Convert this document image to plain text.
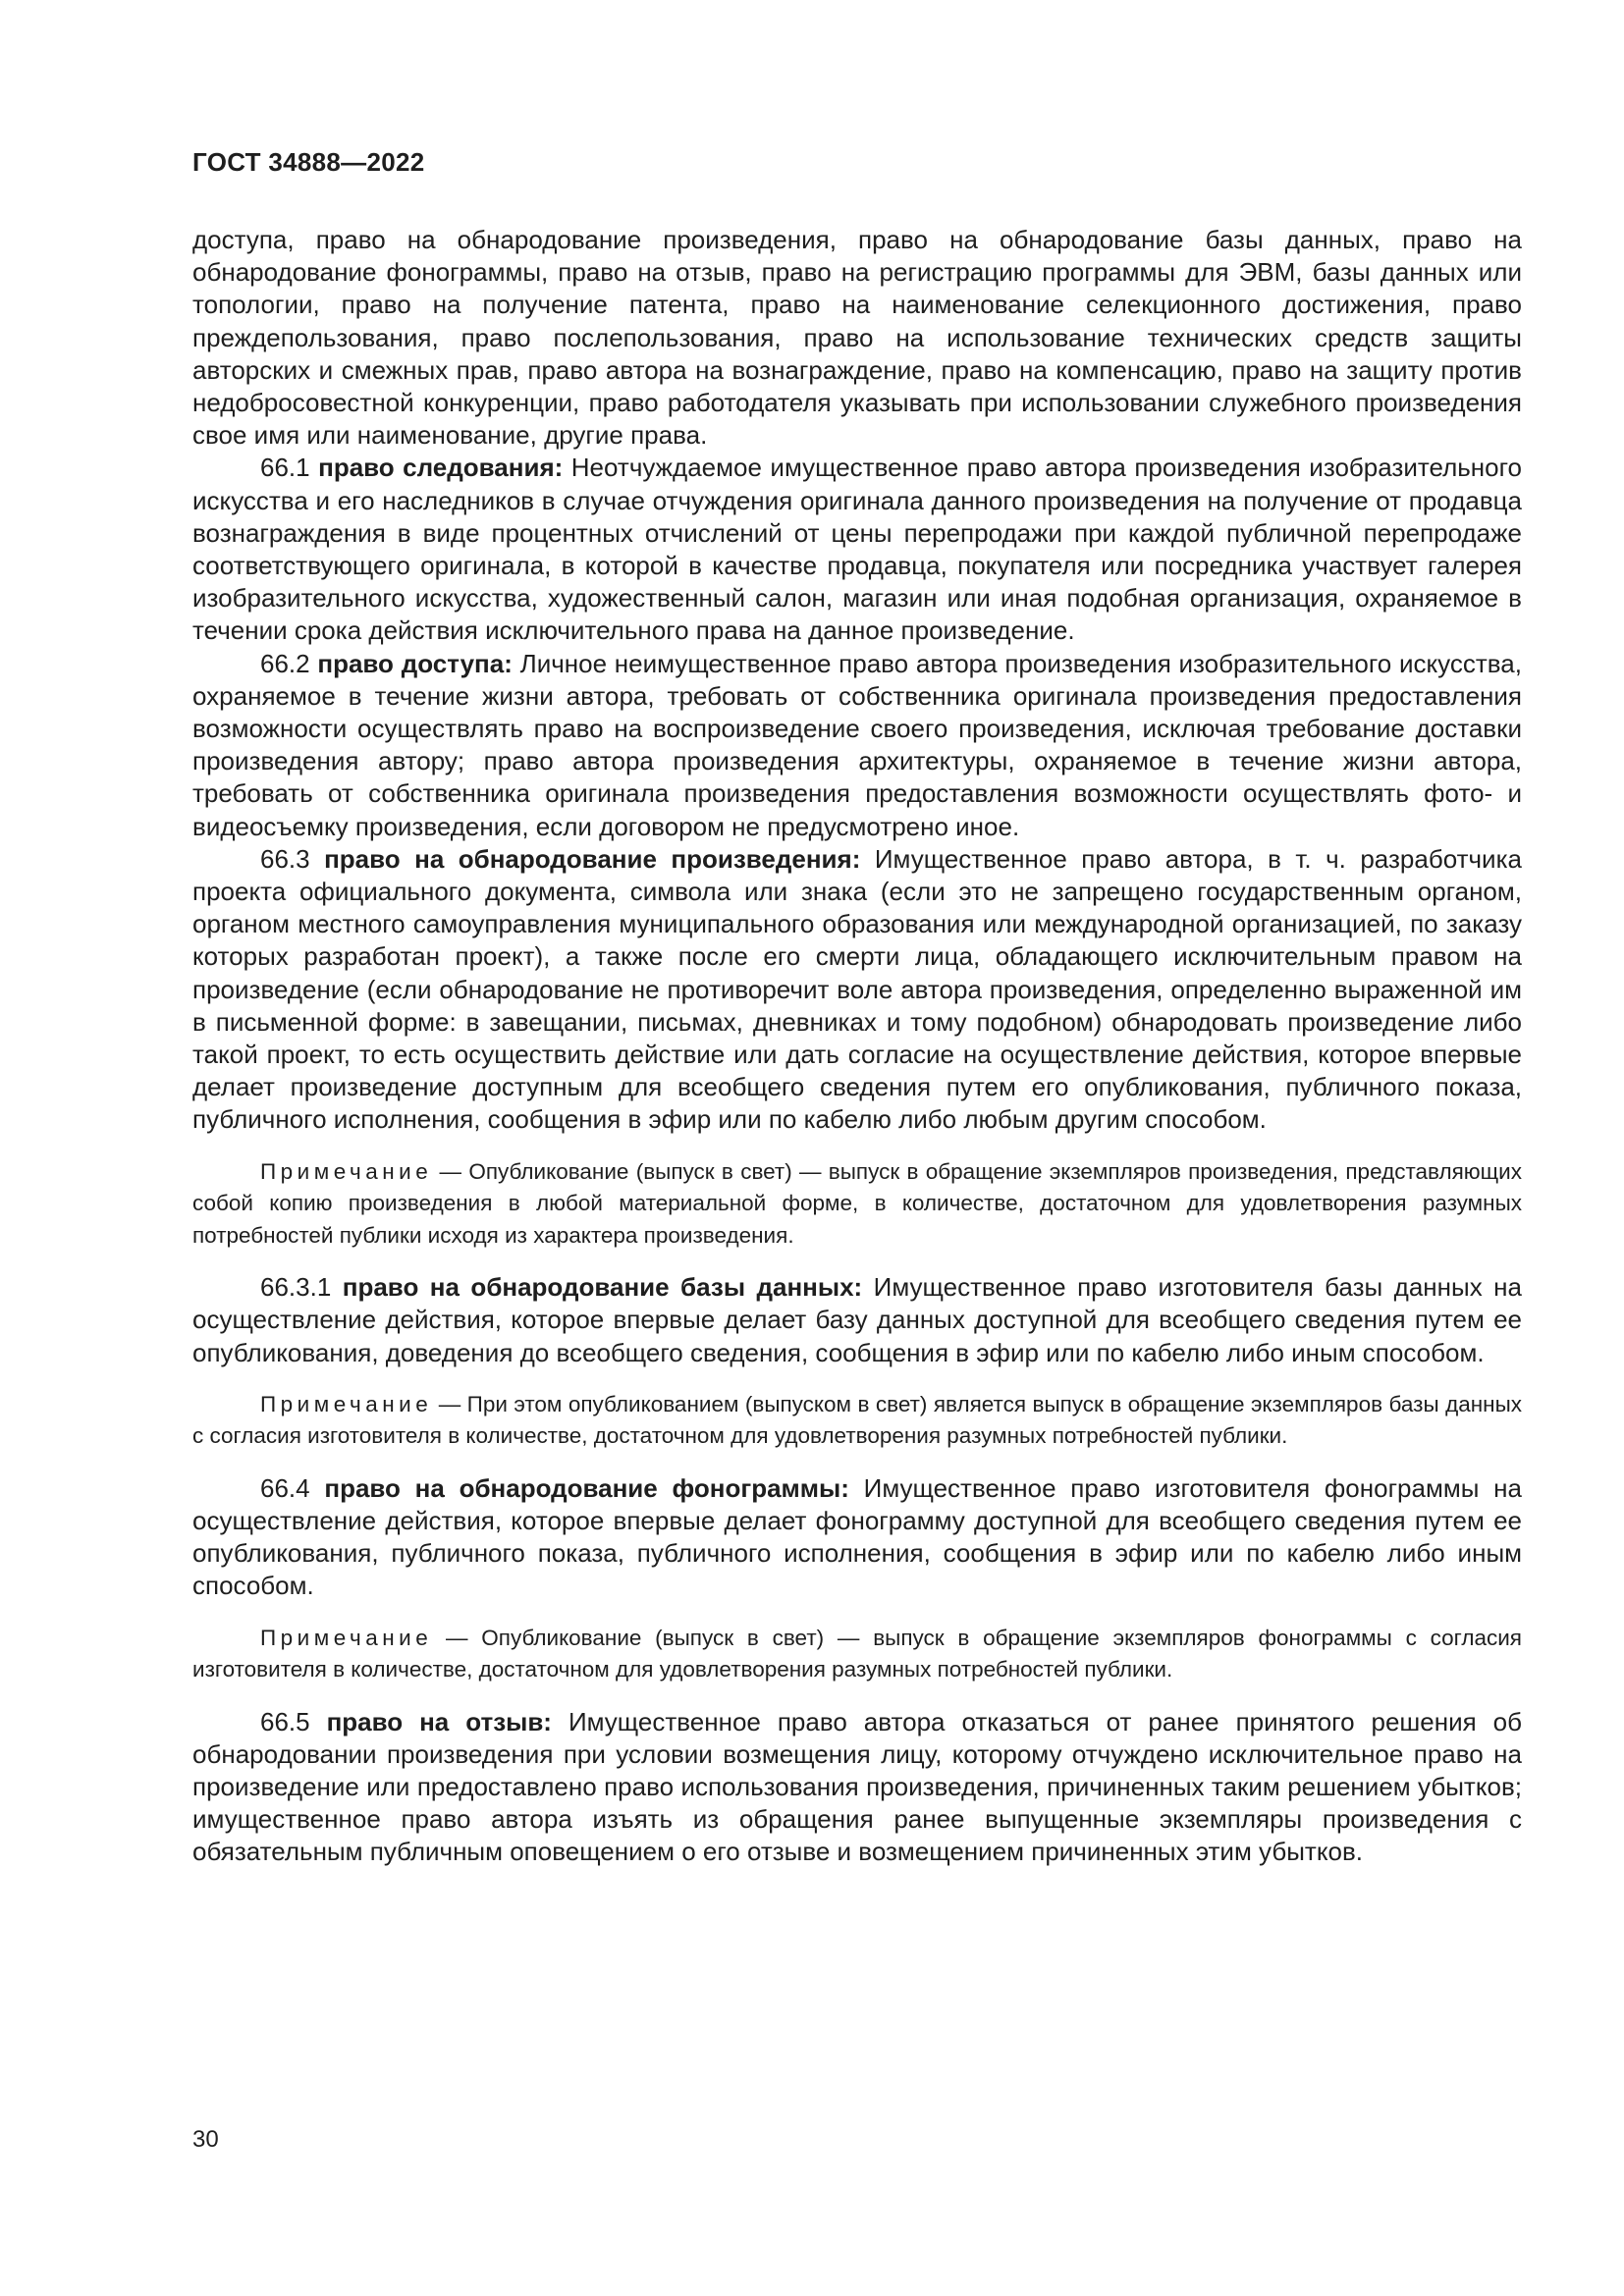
ГОСТ 34888—2022

доступа, право на обнародование произведения, право на обнародование базы данных, право на обнародование фонограммы, право на отзыв, право на регистрацию программы для ЭВМ, базы данных или топологии, право на получение патента, право на наименование селекционного достижения, право преждепользования, право послепользования, право на использование технических средств защиты авторских и смежных прав, право автора на вознаграждение, право на компенсацию, право на защиту против недобросовестной конкуренции, право работодателя указывать при использовании служебного произведения свое имя или наименование, другие права.

66.1 право следования: Неотчуждаемое имущественное право автора произведения изобразительного искусства и его наследников в случае отчуждения оригинала данного произведения на получение от продавца вознаграждения в виде процентных отчислений от цены перепродажи при каждой публичной перепродаже соответствующего оригинала, в которой в качестве продавца, покупателя или посредника участвует галерея изобразительного искусства, художественный салон, магазин или иная подобная организация, охраняемое в течении срока действия исключительного права на данное произведение.

66.2 право доступа: Личное неимущественное право автора произведения изобразительного искусства, охраняемое в течение жизни автора, требовать от собственника оригинала произведения предоставления возможности осуществлять право на воспроизведение своего произведения, исключая требование доставки произведения автору; право автора произведения архитектуры, охраняемое в течение жизни автора, требовать от собственника оригинала произведения предоставления возможности осуществлять фото- и видеосъемку произведения, если договором не предусмотрено иное.

66.3 право на обнародование произведения: Имущественное право автора, в т. ч. разработчика проекта официального документа, символа или знака (если это не запрещено государственным органом, органом местного самоуправления муниципального образования или международной организацией, по заказу которых разработан проект), а также после его смерти лица, обладающего исключительным правом на произведение (если обнародование не противоречит воле автора произведения, определенно выраженной им в письменной форме: в завещании, письмах, дневниках и тому подобном) обнародовать произведение либо такой проект, то есть осуществить действие или дать согласие на осуществление действия, которое впервые делает произведение доступным для всеобщего сведения путем его опубликования, публичного показа, публичного исполнения, сообщения в эфир или по кабелю либо любым другим способом.

Примечание — Опубликование (выпуск в свет) — выпуск в обращение экземпляров произведения, представляющих собой копию произведения в любой материальной форме, в количестве, достаточном для удовлетворения разумных потребностей публики исходя из характера произведения.

66.3.1 право на обнародование базы данных: Имущественное право изготовителя базы данных на осуществление действия, которое впервые делает базу данных доступной для всеобщего сведения путем ее опубликования, доведения до всеобщего сведения, сообщения в эфир или по кабелю либо иным способом.

Примечание — При этом опубликованием (выпуском в свет) является выпуск в обращение экземпляров базы данных с согласия изготовителя в количестве, достаточном для удовлетворения разумных потребностей публики.

66.4 право на обнародование фонограммы: Имущественное право изготовителя фонограммы на осуществление действия, которое впервые делает фонограмму доступной для всеобщего сведения путем ее опубликования, публичного показа, публичного исполнения, сообщения в эфир или по кабелю либо иным способом.

Примечание — Опубликование (выпуск в свет) — выпуск в обращение экземпляров фонограммы с согласия изготовителя в количестве, достаточном для удовлетворения разумных потребностей публики.

66.5 право на отзыв: Имущественное право автора отказаться от ранее принятого решения об обнародовании произведения при условии возмещения лицу, которому отчуждено исключительное право на произведение или предоставлено право использования произведения, причиненных таким решением убытков; имущественное право автора изъять из обращения ранее выпущенные экземпляры произведения с обязательным публичным оповещением о его отзыве и возмещением причиненных этим убытков.

30
